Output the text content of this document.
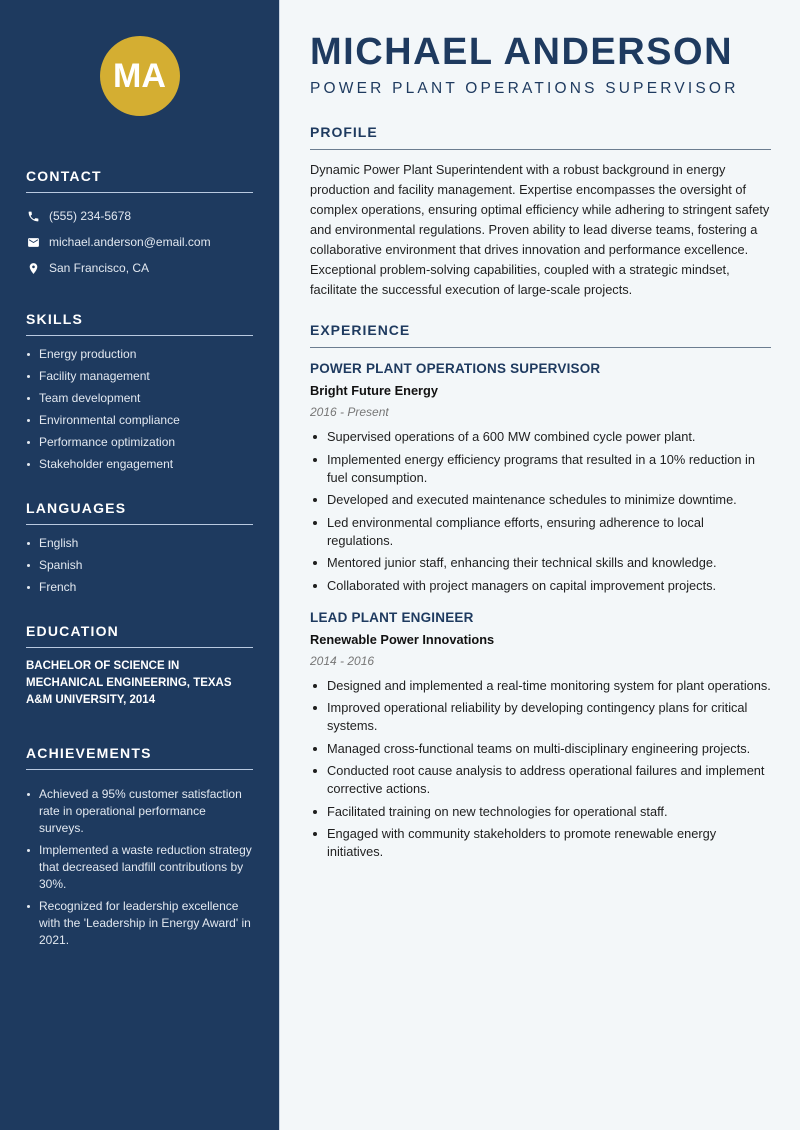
MA
CONTACT
(555) 234-5678
michael.anderson@email.com
San Francisco, CA
SKILLS
Energy production
Facility management
Team development
Environmental compliance
Performance optimization
Stakeholder engagement
LANGUAGES
English
Spanish
French
EDUCATION

BACHELOR OF SCIENCE IN MECHANICAL ENGINEERING, TEXAS A&M UNIVERSITY, 2014

ACHIEVEMENTS
Achieved a 95% customer satisfaction rate in operational performance surveys.
Implemented a waste reduction strategy that decreased landfill contributions by 30%.
Recognized for leadership excellence with the 'Leadership in Energy Award' in 2021.
MICHAEL ANDERSON
POWER PLANT OPERATIONS SUPERVISOR
PROFILE

Dynamic Power Plant Superintendent with a robust background in energy production and facility management. Expertise encompasses the oversight of complex operations, ensuring optimal efficiency while adhering to stringent safety and environmental regulations. Proven ability to lead diverse teams, fostering a collaborative environment that drives innovation and performance excellence. Exceptional problem-solving capabilities, coupled with a strategic mindset, facilitate the successful execution of large-scale projects.

EXPERIENCE
POWER PLANT OPERATIONS SUPERVISOR
Bright Future Energy
2016 - Present
Supervised operations of a 600 MW combined cycle power plant.
Implemented energy efficiency programs that resulted in a 10% reduction in fuel consumption.
Developed and executed maintenance schedules to minimize downtime.
Led environmental compliance efforts, ensuring adherence to local regulations.
Mentored junior staff, enhancing their technical skills and knowledge.
Collaborated with project managers on capital improvement projects.
LEAD PLANT ENGINEER
Renewable Power Innovations
2014 - 2016
Designed and implemented a real-time monitoring system for plant operations.
Improved operational reliability by developing contingency plans for critical systems.
Managed cross-functional teams on multi-disciplinary engineering projects.
Conducted root cause analysis to address operational failures and implement corrective actions.
Facilitated training on new technologies for operational staff.
Engaged with community stakeholders to promote renewable energy initiatives.
